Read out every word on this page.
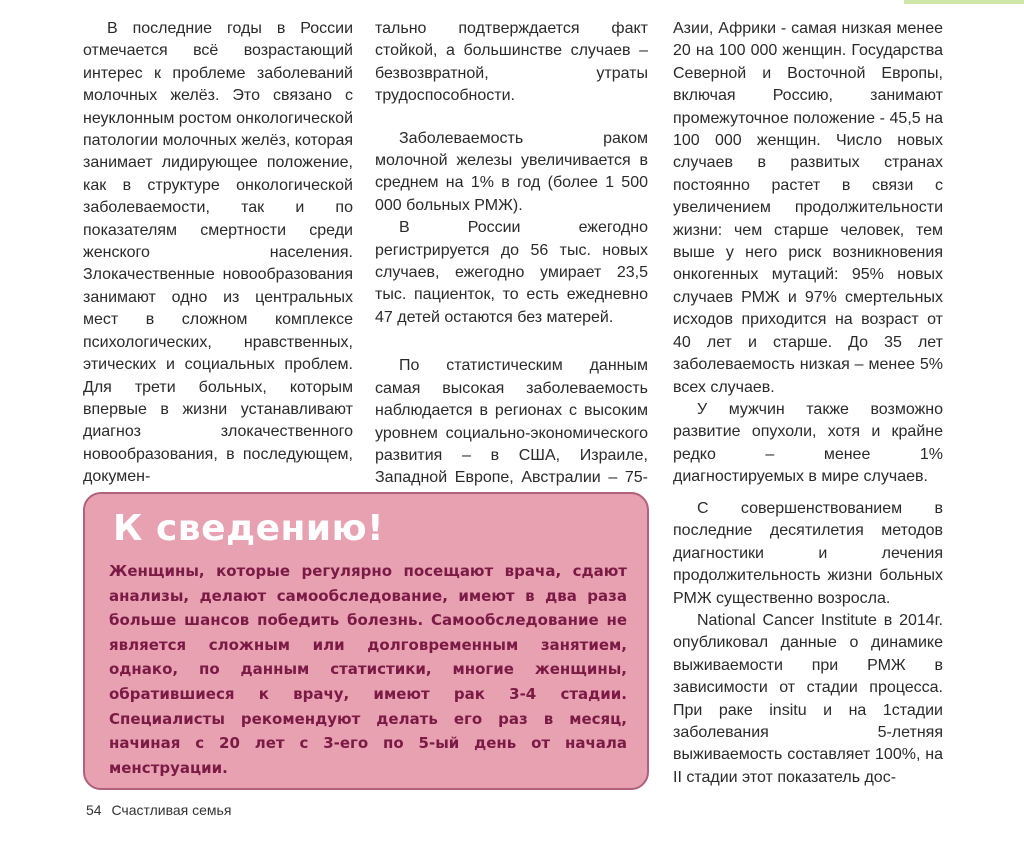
В последние годы в России отмечается всё возрастающий интерес к проблеме заболеваний молочных желёз. Это связано с неуклонным ростом онкологической патологии молочных желёз, которая занимает лидирующее положение, как в структуре онкологической заболеваемости, так и по показателям смертности среди женского населения. Злокачественные новообразования занимают одно из центральных мест в сложном комплексе психологических, нравственных, этических и социальных проблем. Для трети больных, которым впервые в жизни устанавливают диагноз злокачественного новообразования, в последующем, докумен-

тально подтверждается факт стойкой, а большинстве случаев – безвозвратной, утраты трудоспособности.

Заболеваемость раком молочной железы увеличивается в среднем на 1% в год (более 1 500 000 больных РМЖ).

В России ежегодно регистрируется до 56 тыс. новых случаев, ежегодно умирает 23,5 тыс. пациенток, то есть ежедневно 47 детей остаются без матерей.

По статистическим данным самая высокая заболеваемость наблюдается в регионах с высоким уровнем социально-экономического развития – в США, Израиле, Западной Европе, Австралии – 75-

Азии, Африки - самая низкая менее 20 на 100 000 женщин. Государства Северной и Восточной Европы, включая Россию, занимают промежуточное положение - 45,5 на 100 000 женщин. Число новых случаев в развитых странах постоянно растет в связи с увеличением продолжительности жизни: чем старше человек, тем выше у него риск возникновения онкогенных мутаций: 95% новых случаев РМЖ и 97% смертельных исходов приходится на возраст от 40 лет и старше. До 35 лет заболеваемость низкая – менее 5% всех случаев.

У мужчин также возможно развитие опухоли, хотя и крайне редко – менее 1% диагностируемых в мире случаев.

С совершенствованием в последние десятилетия методов диагностики и лечения продолжительность жизни больных РМЖ существенно возросла.

National Cancer Institute в 2014г. опубликовал данные о динамике выживаемости при РМЖ в зависимости от стадии процесса. При раке insitu и на 1стадии заболевания 5-летняя выживаемость составляет 100%, на II стадии этот показатель дос-

К сведению!

Женщины, которые регулярно посещают врача, сдают анализы, делают самообследование, имеют в два раза больше шансов победить болезнь. Самообследование не является сложным или долговременным занятием, однако, по данным статистики, многие женщины, обратившиеся к врачу, имеют рак 3-4 стадии. Специалисты рекомендуют делать его раз в месяц, начиная с 20 лет с 3-его по 5-ый день от начала менструации.

54 Счастливая семья
